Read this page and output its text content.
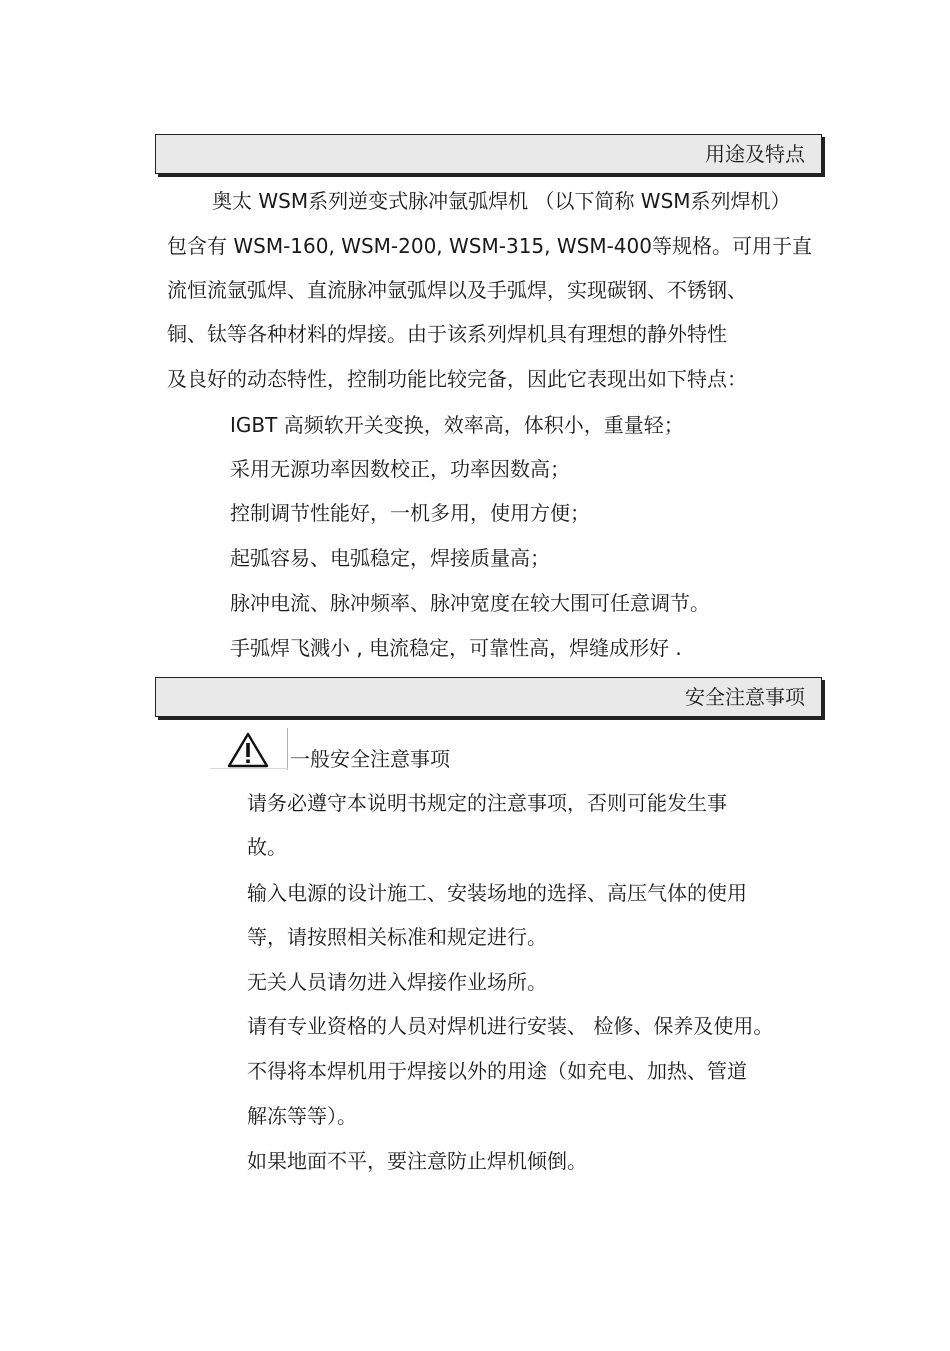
用途及特点
奥太 WSM系列逆变式脉冲氩弧焊机 （以下简称 WSM系列焊机）
包含有 WSM-160, WSM-200, WSM-315, WSM-400等规格。可用于直
流恒流氩弧焊、直流脉冲氩弧焊以及手弧焊，实现碳钢、不锈钢、
铜、钛等各种材料的焊接。由于该系列焊机具有理想的静外特性
及良好的动态特性，控制功能比较完备，因此它表现出如下特点：
IGBT 高频软开关变换，效率高，体积小，重量轻；
采用无源功率因数校正，功率因数高；
控制调节性能好，一机多用，使用方便；
起弧容易、电弧稳定，焊接质量高；
脉冲电流、脉冲频率、脉冲宽度在较大围可任意调节。
手弧焊飞溅小 , 电流稳定，可靠性高，焊缝成形好 .
安全注意事项
一般安全注意事项
请务必遵守本说明书规定的注意事项，否则可能发生事
故。
输入电源的设计施工、安装场地的选择、高压气体的使用
等，请按照相关标准和规定进行。
无关人员请勿进入焊接作业场所。
请有专业资格的人员对焊机进行安装、 检修、保养及使用。
不得将本焊机用于焊接以外的用途（如充电、加热、管道
解冻等等）。
如果地面不平，要注意防止焊机倾倒。
